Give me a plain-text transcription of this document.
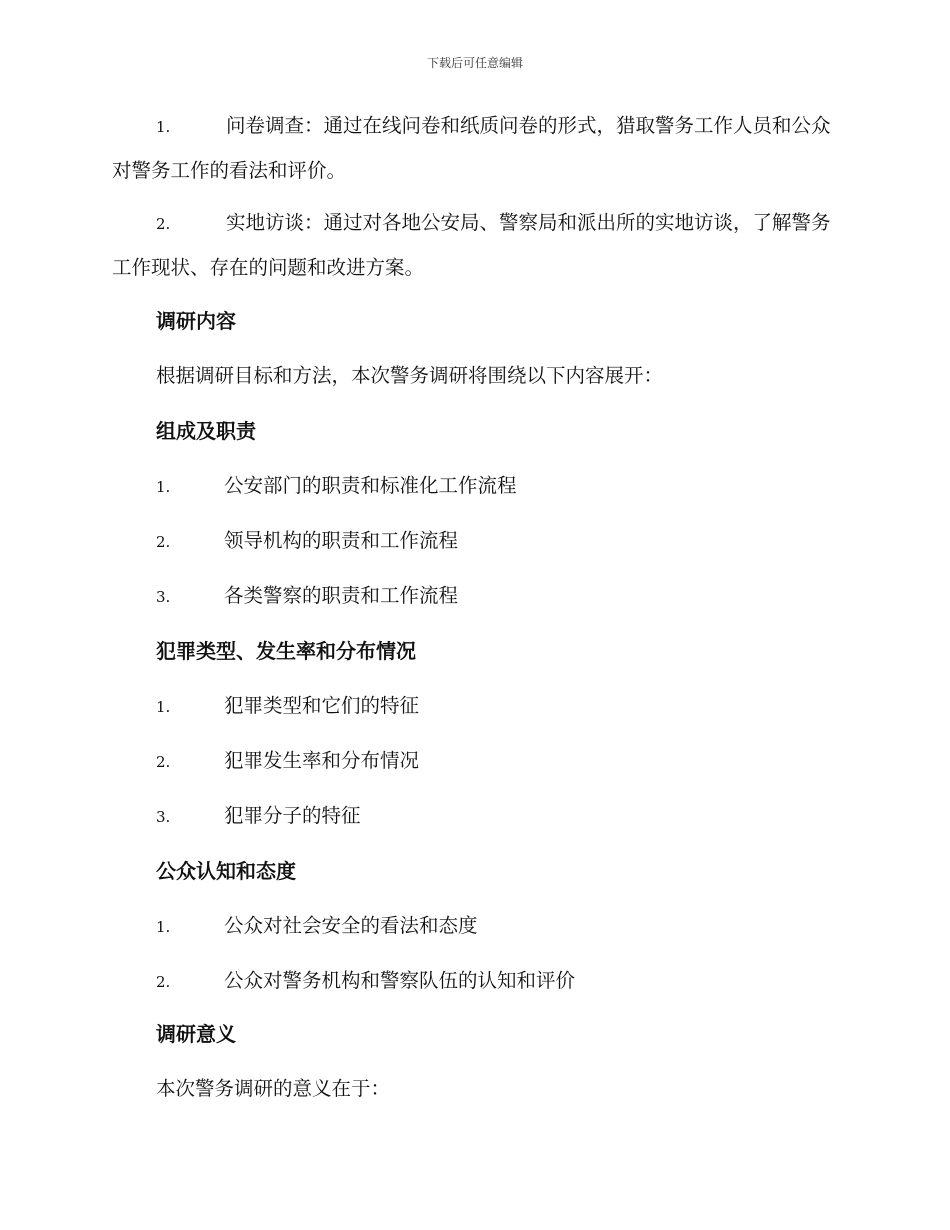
下载后可任意编辑

1.	问卷调查：通过在线问卷和纸质问卷的形式，猎取警务工作人员和公众对警务工作的看法和评价。

2.	实地访谈：通过对各地公安局、警察局和派出所的实地访谈，了解警务工作现状、存在的问题和改进方案。

调研内容

根据调研目标和方法，本次警务调研将围绕以下内容展开：

组成及职责

1.	公安部门的职责和标准化工作流程

2.	领导机构的职责和工作流程

3.	各类警察的职责和工作流程

犯罪类型、发生率和分布情况

1.	犯罪类型和它们的特征

2.	犯罪发生率和分布情况

3.	犯罪分子的特征

公众认知和态度

1.	公众对社会安全的看法和态度

2.	公众对警务机构和警察队伍的认知和评价

调研意义

本次警务调研的意义在于：
